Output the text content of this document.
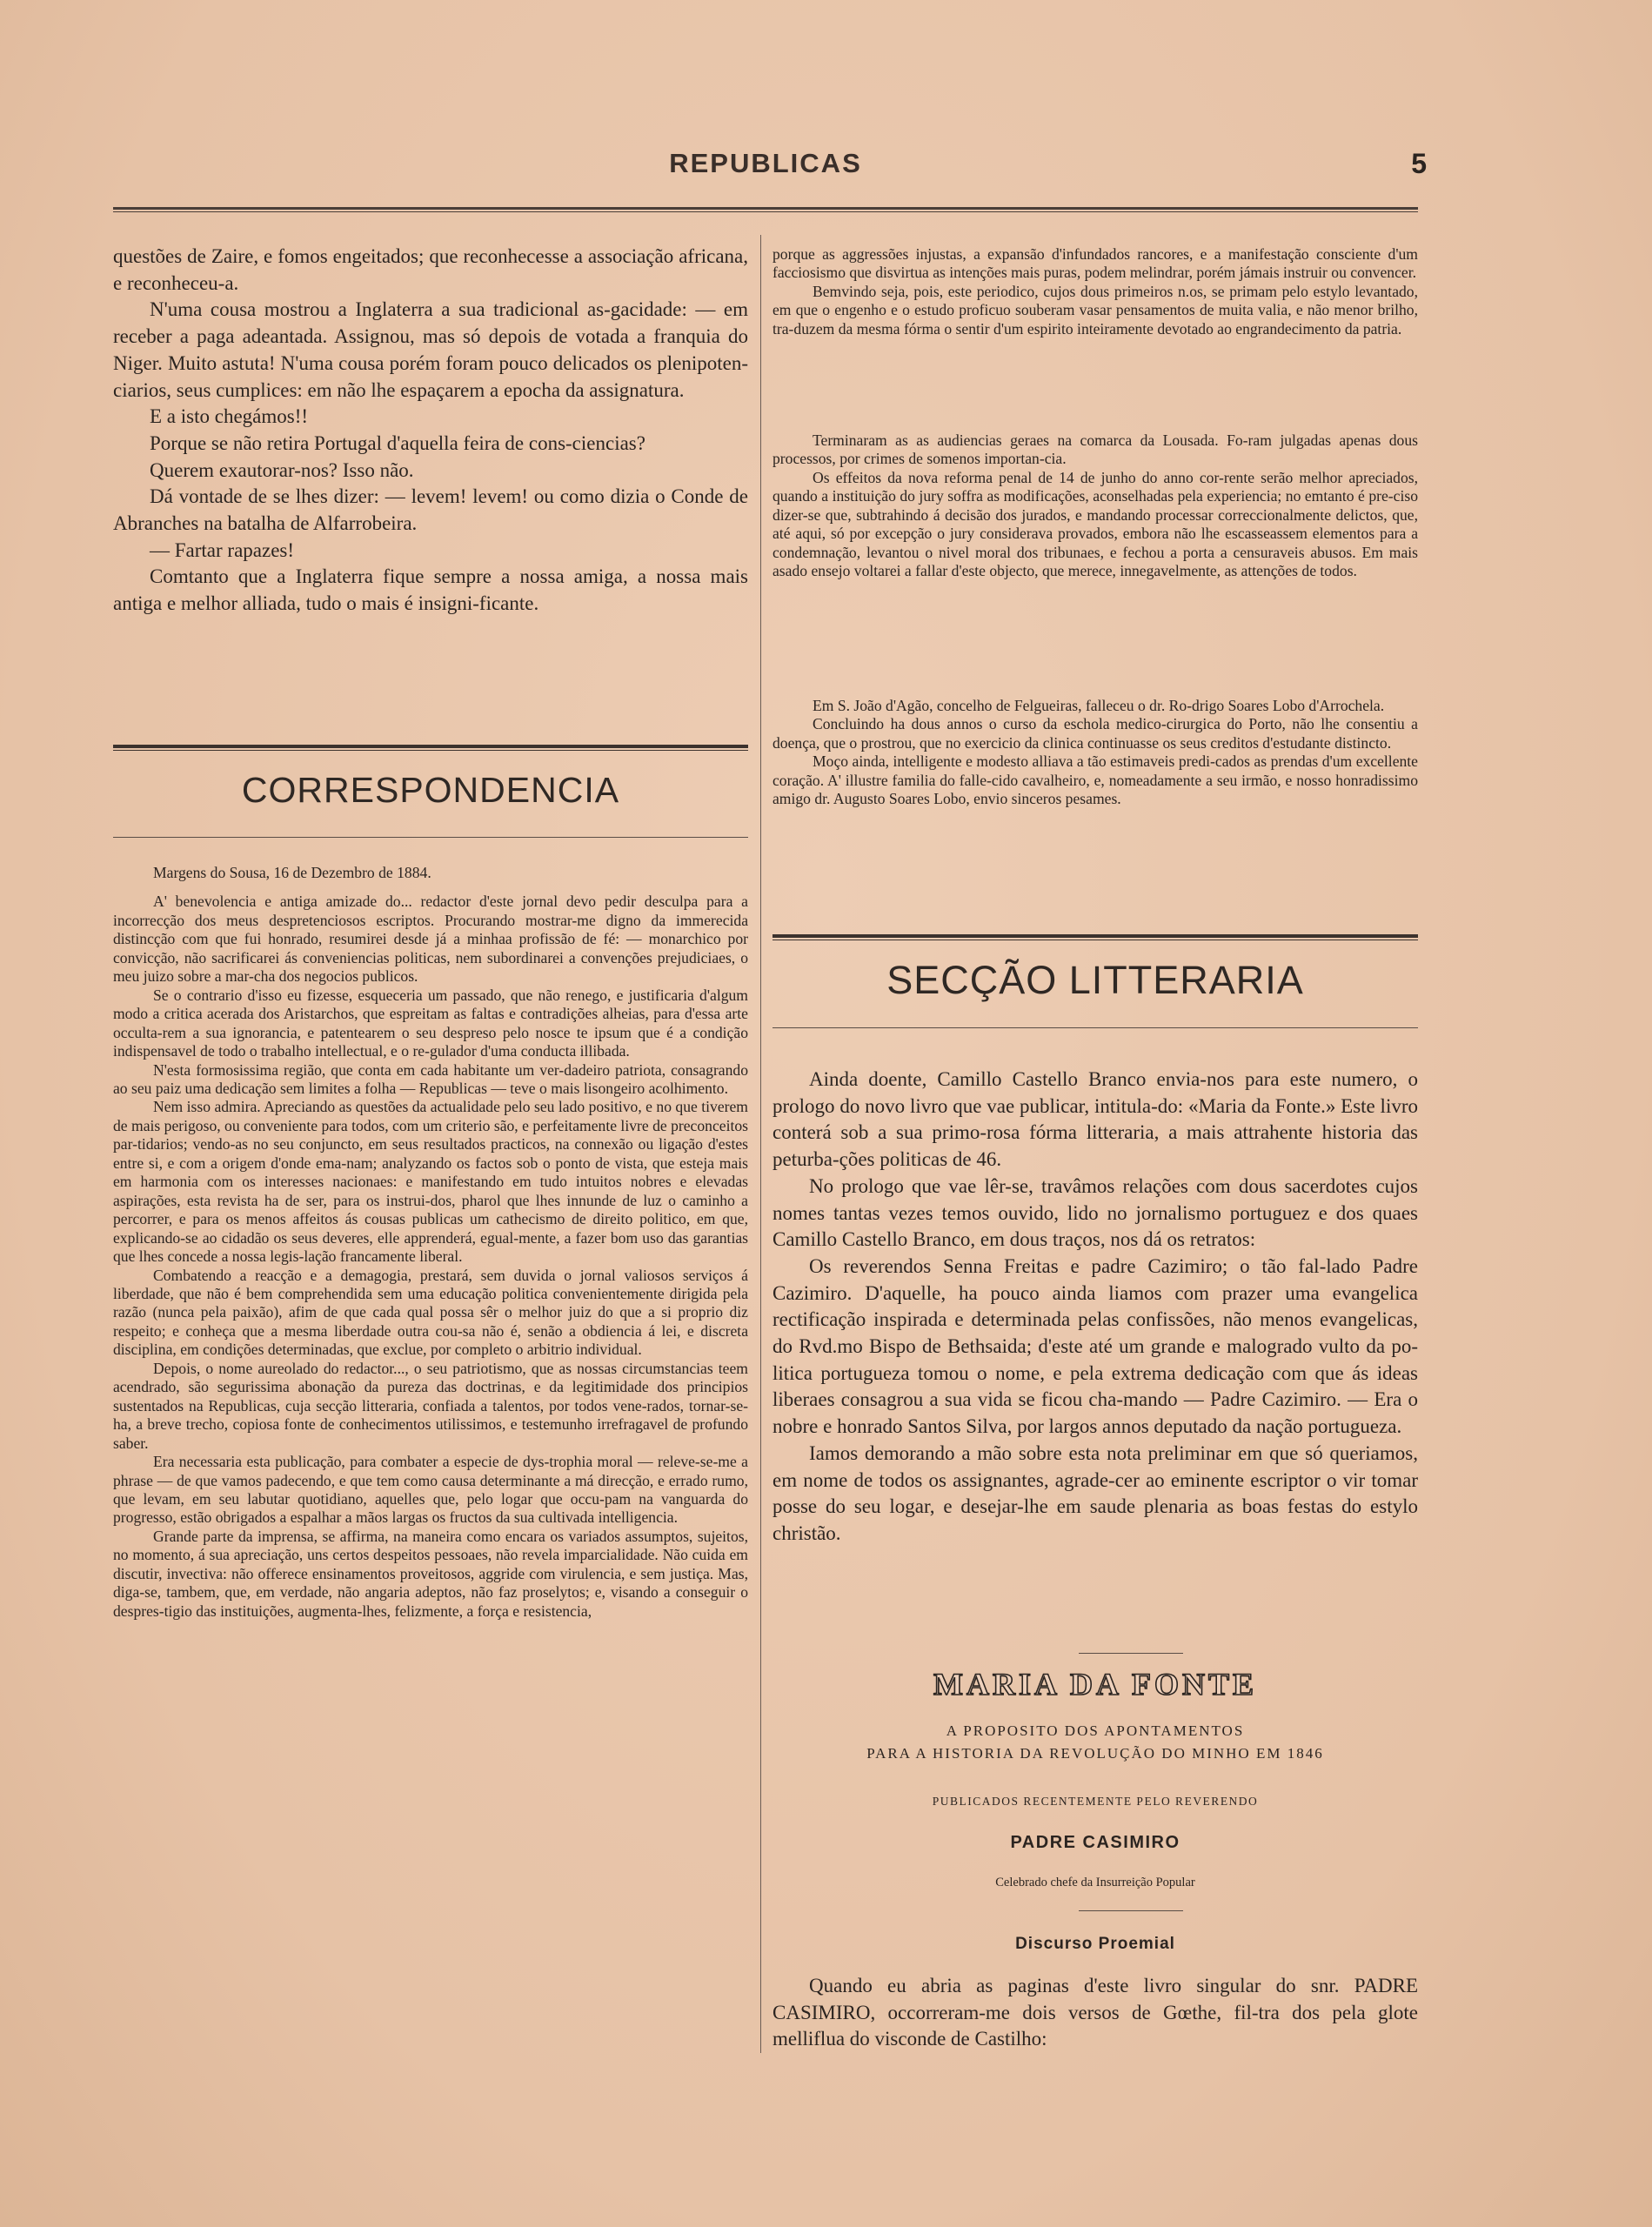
REPUBLICAS	5

questões de Zaire, e fomos engeitados; que reconhecesse a associação africana, e reconheceu-a.

N'uma cousa mostrou a Inglaterra a sua tradicional as-gacidade: — em receber a paga adeantada. Assignou, mas só depois de votada a franquia do Niger. Muito astuta! N'uma cousa porém foram pouco delicados os plenipoten-ciarios, seus cumplices: em não lhe espaçarem a epocha da assignatura.

E a isto chegámos!!

Porque se não retira Portugal d'aquella feira de cons-ciencias?

Querem exautorar-nos? Isso não.

Dá vontade de se lhes dizer: — levem! levem! ou como dizia o Conde de Abranches na batalha de Alfarrobeira.

— Fartar rapazes!

Comtanto que a Inglaterra fique sempre a nossa amiga, a nossa mais antiga e melhor alliada, tudo o mais é insigni-ficante.

CORRESPONDENCIA

Margens do Sousa, 16 de Dezembro de 1884.

A' benevolencia e antiga amizade do... redactor d'este jornal devo pedir desculpa para a incorrecção dos meus despretenciosos escriptos. Procurando mostrar-me digno da immerecida distincção com que fui honrado, resumirei desde já a minhaa profissão de fé: — monarchico por convicção, não sacrificarei ás conveniencias politicas, nem subordinarei a convenções prejudiciaes, o meu juizo sobre a mar-cha dos negocios publicos.

Se o contrario d'isso eu fizesse, esqueceria um passado, que não renego, e justificaria d'algum modo a critica acerada dos Aristarchos, que espreitam as faltas e contradições alheias, para d'essa arte occulta-rem a sua ignorancia, e patentearem o seu despreso pelo nosce te ipsum que é a condição indispensavel de todo o trabalho intellectual, e o re-gulador d'uma conducta illibada.

N'esta formosissima região, que conta em cada habitante um ver-dadeiro patriota, consagrando ao seu paiz uma dedicação sem limites a folha — Republicas — teve o mais lisongeiro acolhimento.

Nem isso admira. Apreciando as questões da actualidade pelo seu lado positivo, e no que tiverem de mais perigoso, ou conveniente para todos, com um criterio são, e perfeitamente livre de preconceitos par-tidarios; vendo-as no seu conjuncto, em seus resultados practicos, na connexão ou ligação d'estes entre si, e com a origem d'onde ema-nam; analyzando os factos sob o ponto de vista, que esteja mais em harmonia com os interesses nacionaes: e manifestando em tudo intuitos nobres e elevadas aspirações, esta revista ha de ser, para os instrui-dos, pharol que lhes innunde de luz o caminho a percorrer, e para os menos affeitos ás cousas publicas um cathecismo de direito politico, em que, explicando-se ao cidadão os seus deveres, elle apprenderá, egual-mente, a fazer bom uso das garantias que lhes concede a nossa legis-lação francamente liberal.

Combatendo a reacção e a demagogia, prestará, sem duvida o jornal valiosos serviços á liberdade, que não é bem comprehendida sem uma educação politica convenientemente dirigida pela razão (nunca pela paixão), afim de que cada qual possa sêr o melhor juiz do que a si proprio diz respeito; e conheça que a mesma liberdade outra cou-sa não é, senão a obdiencia á lei, e discreta disciplina, em condições determinadas, que exclue, por completo o arbitrio individual.

Depois, o nome aureolado do redactor..., o seu patriotismo, que as nossas circumstancias teem acendrado, são segurissima abonação da pureza das doctrinas, e da legitimidade dos principios sustentados na Republicas, cuja secção litteraria, confiada a talentos, por todos vene-rados, tornar-se-ha, a breve trecho, copiosa fonte de conhecimentos utilissimos, e testemunho irrefragavel de profundo saber.

Era necessaria esta publicação, para combater a especie de dys-trophia moral — releve-se-me a phrase — de que vamos padecendo, e que tem como causa determinante a má direcção, e errado rumo, que levam, em seu labutar quotidiano, aquelles que, pelo logar que occu-pam na vanguarda do progresso, estão obrigados a espalhar a mãos largas os fructos da sua cultivada intelligencia.

Grande parte da imprensa, se affirma, na maneira como encara os variados assumptos, sujeitos, no momento, á sua apreciação, uns certos despeitos pessoaes, não revela imparcialidade. Não cuida em discutir, invectiva: não offerece ensinamentos proveitosos, aggride com virulencia, e sem justiça. Mas, diga-se, tambem, que, em verdade, não angaria adeptos, não faz proselytos; e, visando a conseguir o despres-tigio das instituições, augmenta-lhes, felizmente, a força e resistencia,

porque as aggressões injustas, a expansão d'infundados rancores, e a manifestação consciente d'um facciosismo que disvirtua as intenções mais puras, podem melindrar, porém jámais instruir ou convencer.

Bemvindo seja, pois, este periodico, cujos dous primeiros n.os, se primam pelo estylo levantado, em que o engenho e o estudo proficuo souberam vasar pensamentos de muita valia, e não menor brilho, tra-duzem da mesma fórma o sentir d'um espirito inteiramente devotado ao engrandecimento da patria.

Terminaram as as audiencias geraes na comarca da Lousada. Fo-ram julgadas apenas dous processos, por crimes de somenos importan-cia.

Os effeitos da nova reforma penal de 14 de junho do anno cor-rente serão melhor apreciados, quando a instituição do jury soffra as modificações, aconselhadas pela experiencia; no emtanto é pre-ciso dizer-se que, subtrahindo á decisão dos jurados, e mandando processar correccionalmente delictos, que, até aqui, só por excepção o jury considerava provados, embora não lhe escasseassem elementos para a condemnação, levantou o nivel moral dos tribunaes, e fechou a porta a censuraveis abusos. Em mais asado ensejo voltarei a fallar d'este objecto, que merece, innegavelmente, as attenções de todos.

Em S. João d'Agão, concelho de Felgueiras, falleceu o dr. Ro-drigo Soares Lobo d'Arrochela.

Concluindo ha dous annos o curso da eschola medico-cirurgica do Porto, não lhe consentiu a doença, que o prostrou, que no exercicio da clinica continuasse os seus creditos d'estudante distincto.

Moço ainda, intelligente e modesto alliava a tão estimaveis predi-cados as prendas d'um excellente coração. A' illustre familia do falle-cido cavalheiro, e, nomeadamente a seu irmão, e nosso honradissimo amigo dr. Augusto Soares Lobo, envio sinceros pesames.

SECÇÃO LITTERARIA

Ainda doente, Camillo Castello Branco envia-nos para este numero, o prologo do novo livro que vae publicar, intitula-do: «Maria da Fonte.» Este livro conterá sob a sua primo-rosa fórma litteraria, a mais attrahente historia das peturba-ções politicas de 46.

No prologo que vae lêr-se, travâmos relações com dous sacerdotes cujos nomes tantas vezes temos ouvido, lido no jornalismo portuguez e dos quaes Camillo Castello Branco, em dous traços, nos dá os retratos:

Os reverendos Senna Freitas e padre Cazimiro; o tão fal-lado Padre Cazimiro. D'aquelle, ha pouco ainda liamos com prazer uma evangelica rectificação inspirada e determinada pelas confissões, não menos evangelicas, do Rvd.mo Bispo de Bethsaida; d'este até um grande e malogrado vulto da po-litica portugueza tomou o nome, e pela extrema dedicação com que ás ideas liberaes consagrou a sua vida se ficou cha-mando — Padre Cazimiro. — Era o nobre e honrado Santos Silva, por largos annos deputado da nação portugueza.

Iamos demorando a mão sobre esta nota preliminar em que só queriamos, em nome de todos os assignantes, agrade-cer ao eminente escriptor o vir tomar posse do seu logar, e desejar-lhe em saude plenaria as boas festas do estylo christão.

MARIA DA FONTE
A PROPOSITO DOS APONTAMENTOS
PARA A HISTORIA DA REVOLUÇÃO DO MINHO EM 1846
PUBLICADOS RECENTEMENTE PELO REVERENDO
PADRE CASIMIRO
Celebrado chefe da Insurreição Popular
Discurso Proemial

Quando eu abria as paginas d'este livro singular do snr. PADRE CASIMIRO, occorreram-me dois versos de Gœthe, fil-tra dos pela glote melliflua do visconde de Castilho:
